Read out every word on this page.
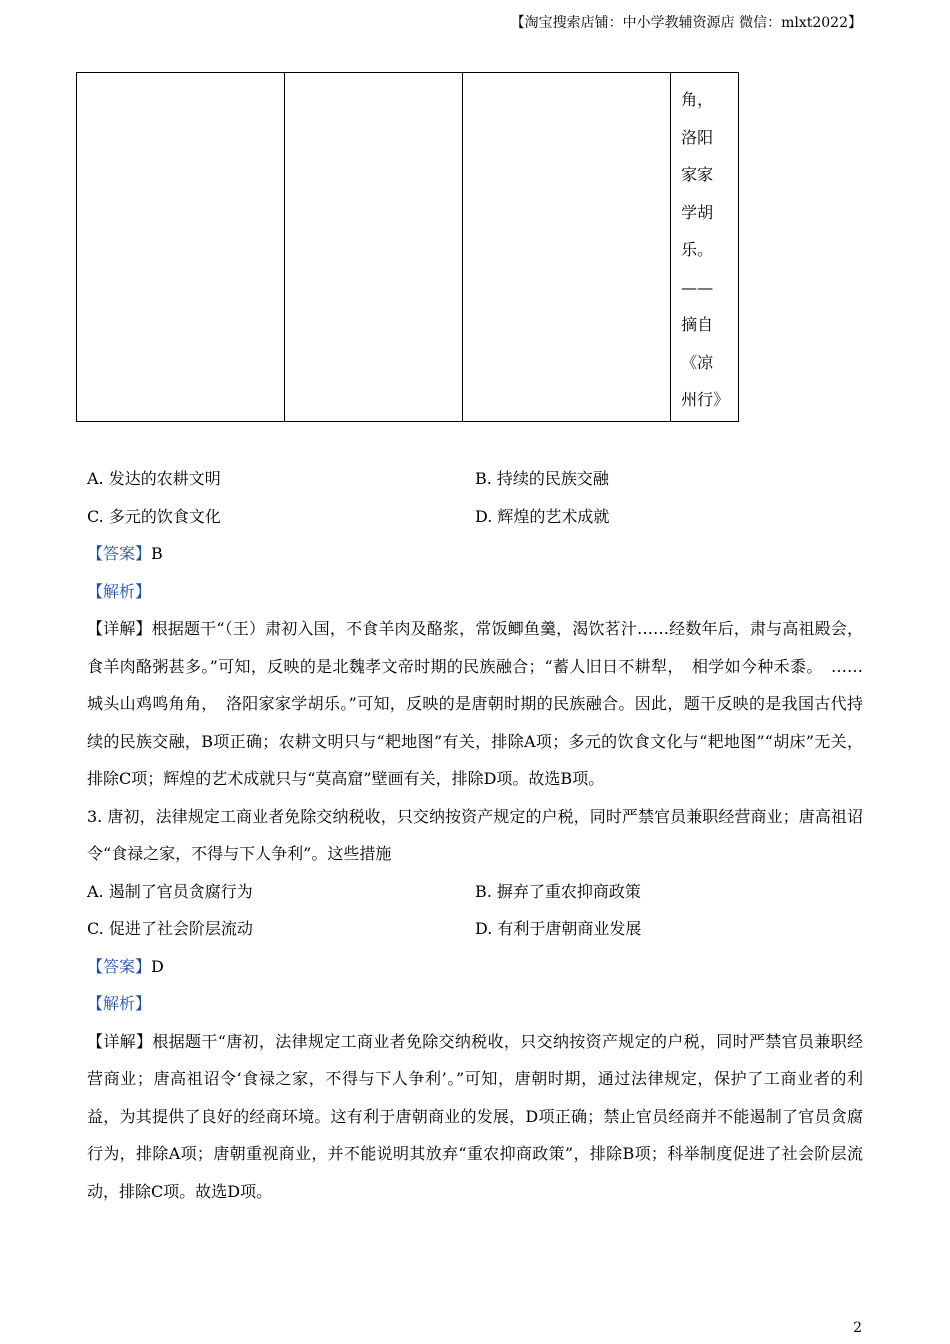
【淘宝搜索店铺：中小学教辅资源店 微信：mlxt2022】
角，
洛阳
家家
学胡
乐。
——
摘自
《凉
州行》
A. 发达的农耕文明	B. 持续的民族交融
C. 多元的饮食文化	D. 辉煌的艺术成就
【答案】B
【解析】
【详解】根据题干“（王）肃初入国，不食羊肉及酪浆，常饭鲫鱼羹，渴饮茗汁……经数年后，肃与高祖殿会，食羊肉酪粥甚多。”可知，反映的是北魏孝文帝时期的民族融合；“蓄人旧日不耕犁，　相学如今种禾黍。　……　城头山鸡鸣角角，　洛阳家家学胡乐。”可知，反映的是唐朝时期的民族融合。因此，题干反映的是我国古代持续的民族交融，B项正确；农耕文明只与“耙地图”有关，排除A项；多元的饮食文化与“耙地图”“胡床”无关，排除C项；辉煌的艺术成就只与“莫高窟”壁画有关，排除D项。故选B项。
3. 唐初，法律规定工商业者免除交纳税收，只交纳按资产规定的户税，同时严禁官员兼职经营商业；唐高祖诏令“食禄之家，不得与下人争利”。这些措施
A. 遏制了官员贪腐行为	B. 摒弃了重农抑商政策
C. 促进了社会阶层流动	D. 有利于唐朝商业发展
【答案】D
【解析】
【详解】根据题干“唐初，法律规定工商业者免除交纳税收，只交纳按资产规定的户税，同时严禁官员兼职经营商业；唐高祖诏令‘食禄之家，不得与下人争利’。”可知，唐朝时期，通过法律规定，保护了工商业者的利益，为其提供了良好的经商环境。这有利于唐朝商业的发展，D项正确；禁止官员经商并不能遏制了官员贪腐行为，排除A项；唐朝重视商业，并不能说明其放弃“重农抑商政策”，排除B项；科举制度促进了社会阶层流动，排除C项。故选D项。
2
